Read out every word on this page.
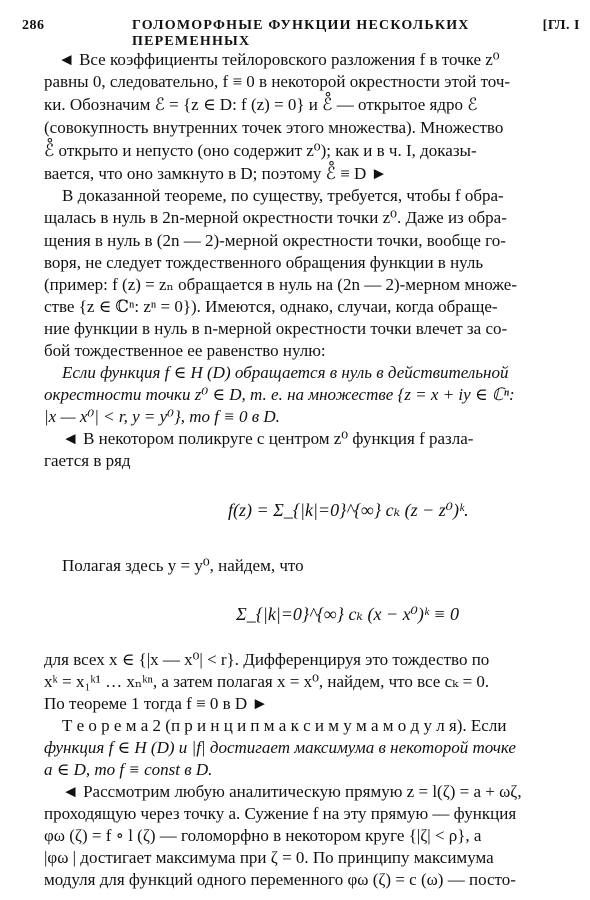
286	ГОЛОМОРФНЫЕ ФУНКЦИИ НЕСКОЛЬКИХ ПЕРЕМЕННЫХ
[ГЛ. I
◄ Все коэффициенты тейлоровского разложения f в точке z⁰
равны 0, следовательно, f ≡ 0 в некоторой окрестности этой точ-
ки. Обозначим ℰ = {z ∈ D: f (z) = 0} и ℰ̊ — открытое ядро ℰ
(совокупность внутренних точек этого множества). Множество
ℰ̊ открыто и непусто (оно содержит z⁰); как и в ч. I, доказы-
вается, что оно замкнуто в D; поэтому ℰ̊ ≡ D ►
В доказанной теореме, по существу, требуется, чтобы f обра-
щалась в нуль в 2n-мерной окрестности точки z⁰. Даже из обра-
щения в нуль в (2n — 2)-мерной окрестности точки, вообще го-
воря, не следует тождественного обращения функции в нуль
(пример: f (z) = zₙ обращается в нуль на (2n — 2)-мерном множе-
стве {z ∈ ℂⁿ: zⁿ = 0}). Имеются, однако, случаи, когда обраще-
ние функции в нуль в n-мерной окрестности точки влечет за со-
бой тождественное ее равенство нулю:
Если функция f ∈ H (D) обращается в нуль в действительной
окрестности точки z⁰ ∈ D, т. е. на множестве {z = x + iy ∈ ℂⁿ:
|x — x⁰| < r, y = y⁰}, то f ≡ 0 в D.
◄ В некотором поликруге с центром z⁰ функция f разла-
гается в ряд
f(z) = Σ_{|k|=0}^{∞} cₖ (z − z⁰)ᵏ.
Полагая здесь y = y⁰, найдем, что
Σ_{|k|=0}^{∞} cₖ (x − x⁰)ᵏ ≡ 0
для всех x ∈ {|x — x⁰| < r}. Дифференцируя это тождество по
xᵏ = x₁ᵏ¹ … xₙᵏⁿ, а затем полагая x = x⁰, найдем, что все cₖ = 0.
По теореме 1 тогда f ≡ 0 в D ►
Т е о р е м а 2 (п р и н ц и п м а к с и м у м а м о д у л я). Если
функция f ∈ H (D) и |f| достигает максимума в некоторой точке
a ∈ D, то f ≡ const в D.
◄ Рассмотрим любую аналитическую прямую z = l(ζ) = a + ωζ,
проходящую через точку a. Сужение f на эту прямую — функция
φω (ζ) = f ∘ l (ζ) — голоморфно в некотором круге {|ζ| < ρ}, а
|φω | достигает максимума при ζ = 0. По принципу максимума
модуля для функций одного переменного φω (ζ) = c (ω) — посто-
